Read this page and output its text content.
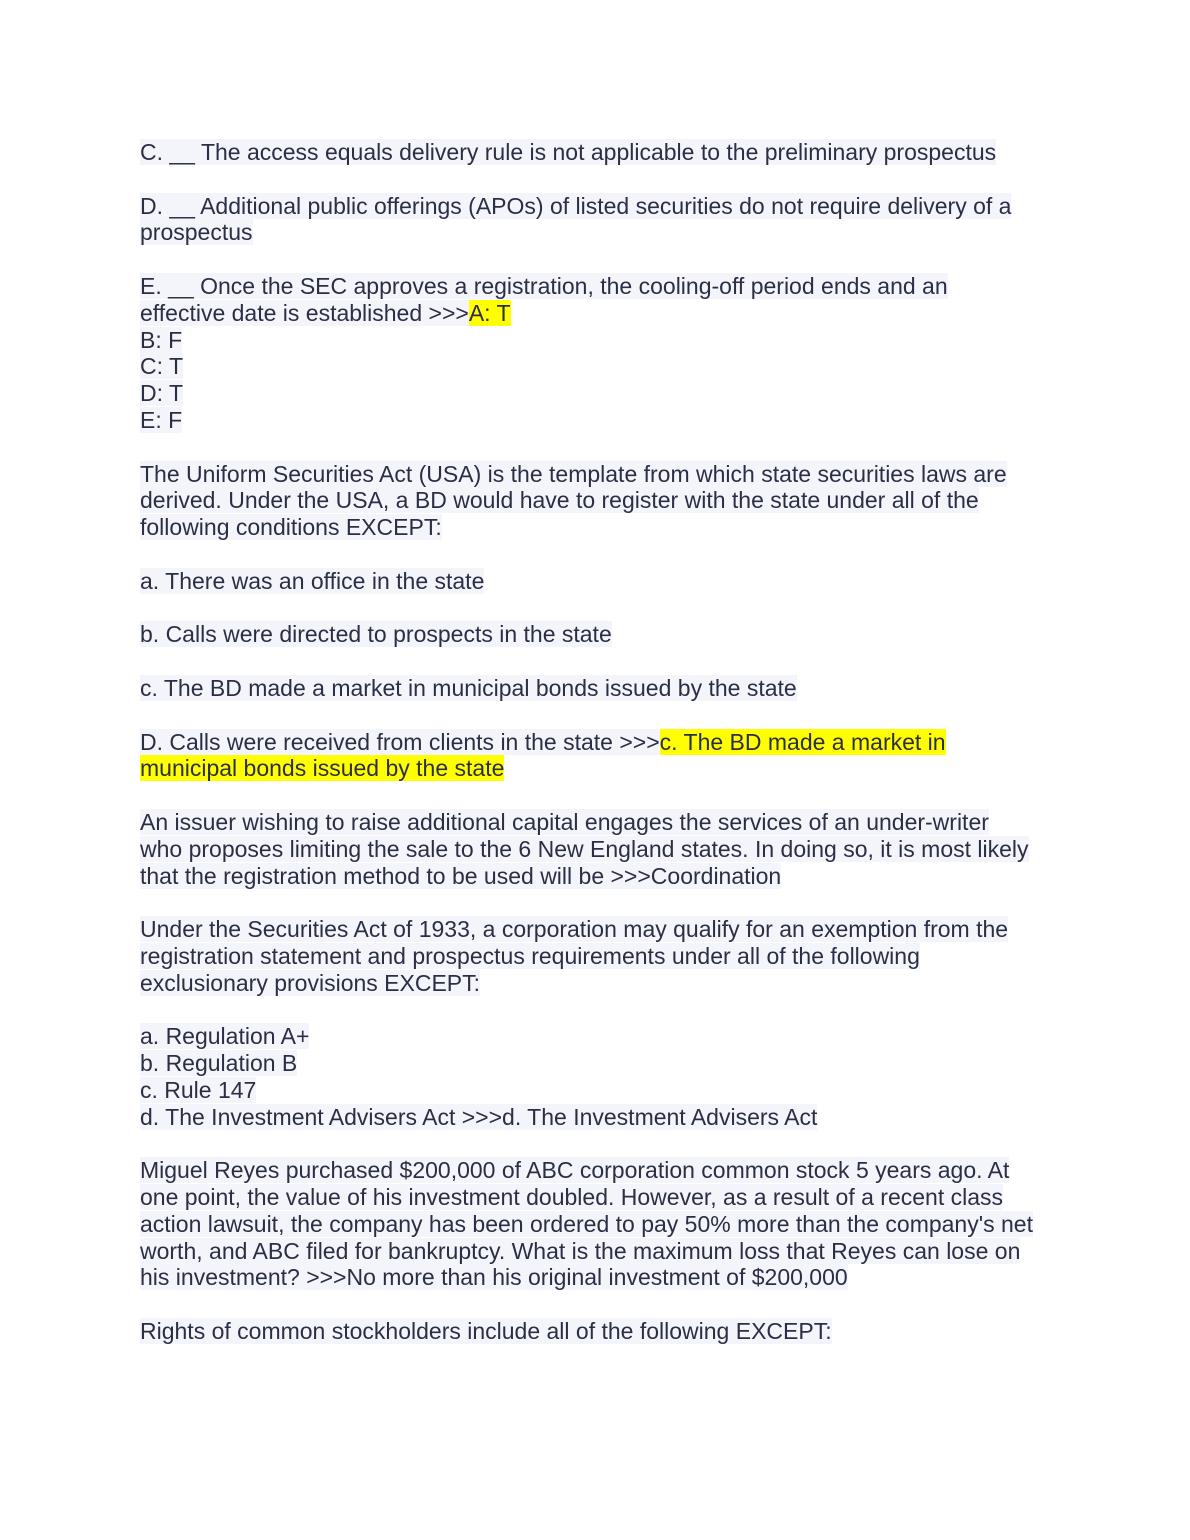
C. __ The access equals delivery rule is not applicable to the preliminary prospectus
D. __ Additional public offerings (APOs) of listed securities do not require delivery of a
prospectus
E. __ Once the SEC approves a registration, the cooling-off period ends and an
effective date is established >>>A: T
B: F
C: T
D: T
E: F
The Uniform Securities Act (USA) is the template from which state securities laws are
derived. Under the USA, a BD would have to register with the state under all of the
following conditions EXCEPT:
a. There was an office in the state
b. Calls were directed to prospects in the state
c. The BD made a market in municipal bonds issued by the state
D. Calls were received from clients in the state >>>c. The BD made a market in
municipal bonds issued by the state
An issuer wishing to raise additional capital engages the services of an under-writer
who proposes limiting the sale to the 6 New England states. In doing so, it is most likely
that the registration method to be used will be >>>Coordination
Under the Securities Act of 1933, a corporation may qualify for an exemption from the
registration statement and prospectus requirements under all of the following
exclusionary provisions EXCEPT:
a. Regulation A+
b. Regulation B
c. Rule 147
d. The Investment Advisers Act >>>d. The Investment Advisers Act
Miguel Reyes purchased $200,000 of ABC corporation common stock 5 years ago. At
one point, the value of his investment doubled. However, as a result of a recent class
action lawsuit, the company has been ordered to pay 50% more than the company's net
worth, and ABC filed for bankruptcy. What is the maximum loss that Reyes can lose on
his investment? >>>No more than his original investment of $200,000
Rights of common stockholders include all of the following EXCEPT:
